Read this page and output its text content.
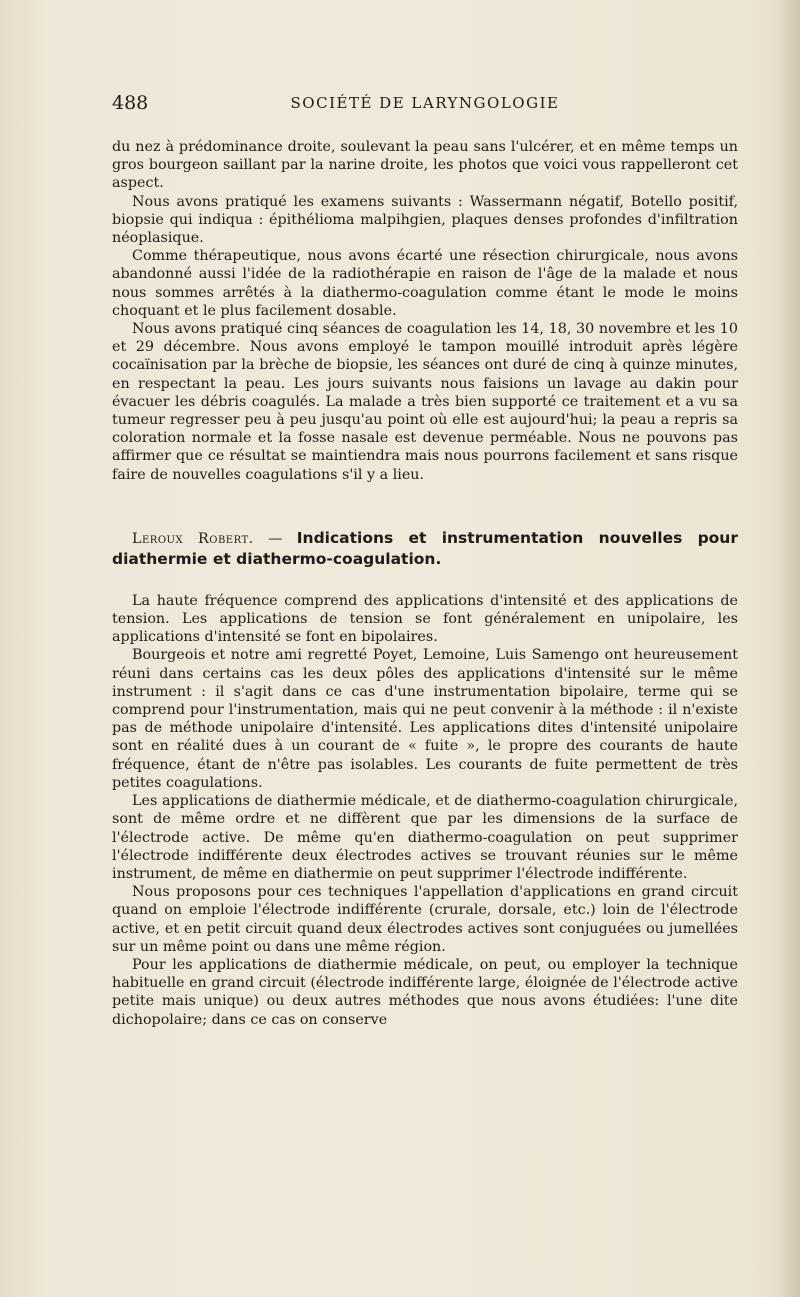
488	SOCIÉTÉ DE LARYNGOLOGIE

du nez à prédominance droite, soulevant la peau sans l'ulcérer, et en même temps un gros bourgeon saillant par la narine droite, les photos que voici vous rappelleront cet aspect.

Nous avons pratiqué les examens suivants : Wassermann négatif, Botello positif, biopsie qui indiqua : épithélioma malpihgien, plaques denses profondes d'infiltration néoplasique.

Comme thérapeutique, nous avons écarté une résection chirurgicale, nous avons abandonné aussi l'idée de la radiothérapie en raison de l'âge de la malade et nous nous sommes arrêtés à la diathermo-coagulation comme étant le mode le moins choquant et le plus facilement dosable.

Nous avons pratiqué cinq séances de coagulation les 14, 18, 30 novembre et les 10 et 29 décembre. Nous avons employé le tampon mouillé introduit après légère cocaïnisation par la brèche de biopsie, les séances ont duré de cinq à quinze minutes, en respectant la peau. Les jours suivants nous faisions un lavage au dakin pour évacuer les débris coagulés. La malade a très bien supporté ce traitement et a vu sa tumeur regresser peu à peu jusqu'au point où elle est aujourd'hui; la peau a repris sa coloration normale et la fosse nasale est devenue perméable. Nous ne pouvons pas affirmer que ce résultat se maintiendra mais nous pourrons facilement et sans risque faire de nouvelles coagulations s'il y a lieu.

Leroux Robert. — Indications et instrumentation nouvelles pour diathermie et diathermo-coagulation.

La haute fréquence comprend des applications d'intensité et des applications de tension. Les applications de tension se font généralement en unipolaire, les applications d'intensité se font en bipolaires.

Bourgeois et notre ami regretté Poyet, Lemoine, Luis Samengo ont heureusement réuni dans certains cas les deux pôles des applications d'intensité sur le même instrument : il s'agit dans ce cas d'une instrumentation bipolaire, terme qui se comprend pour l'instrumentation, mais qui ne peut convenir à la méthode : il n'existe pas de méthode unipolaire d'intensité. Les applications dites d'intensité unipolaire sont en réalité dues à un courant de « fuite », le propre des courants de haute fréquence, étant de n'être pas isolables. Les courants de fuite permettent de très petites coagulations.

Les applications de diathermie médicale, et de diathermo-coagulation chirurgicale, sont de même ordre et ne diffèrent que par les dimensions de la surface de l'électrode active. De même qu'en diathermo-coagulation on peut supprimer l'électrode indifférente deux électrodes actives se trouvant réunies sur le même instrument, de même en diathermie on peut supprimer l'électrode indifférente.

Nous proposons pour ces techniques l'appellation d'applications en grand circuit quand on emploie l'électrode indifférente (crurale, dorsale, etc.) loin de l'électrode active, et en petit circuit quand deux électrodes actives sont conjuguées ou jumellées sur un même point ou dans une même région.

Pour les applications de diathermie médicale, on peut, ou employer la technique habituelle en grand circuit (électrode indifférente large, éloignée de l'électrode active petite mais unique) ou deux autres méthodes que nous avons étudiées: l'une dite dichopolaire; dans ce cas on conserve
